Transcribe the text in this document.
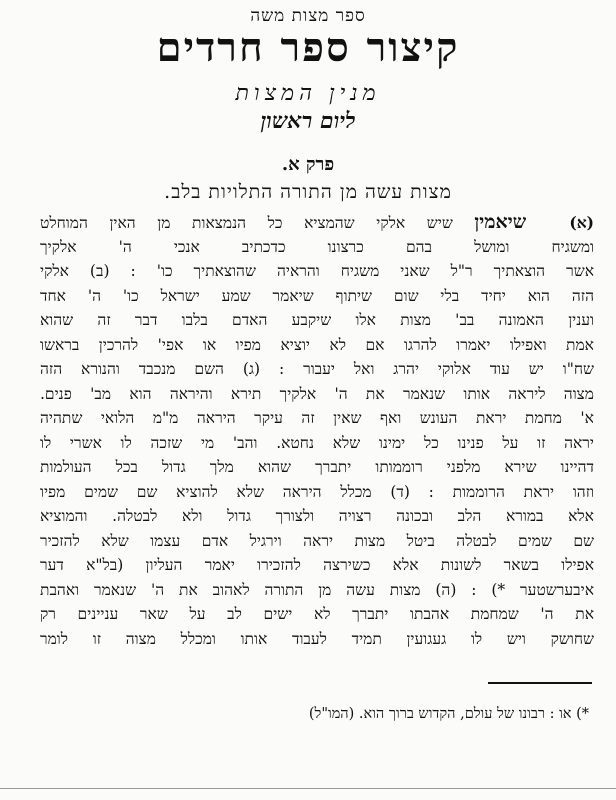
ספר מצות משה
קיצור ספר חרדים
מנין המצות
ליום ראשון
פרק א.
מצות עשה מן התורה התלויות בלב.
(א)  שיאמין שיש אלקי שהמציא כל הנמצאות מן האין המוחלט
ומשגיח ומושל בהם כרצונו כדכתיב אנכי ה' אלקיך
אשר הוצאתיך ר"ל שאני משגיח והראיה שהוצאתיך כו' : (ב) אלקי
הזה הוא יחיד בלי שום שיתוף שיאמר שמע ישראל כו' ה' אחד
וענין האמונה בב' מצות אלו שיקבע האדם בלבו דבר זה שהוא
אמת ואפילו יאמרו להרגו אם לא יוציא מפיו או אפי' להרכין בראשו
שח"ו יש עוד אלוקי יהרג ואל יעבור : (ג) השם מנכבד והנורא הזה
מצוה ליראה אותו שנאמר את ה' אלקיך תירא והיראה הוא מב' פנים.
א' מחמת יראת העונש ואף שאין זה עיקר היראה מ"מ הלואי שתהיה
יראה זו על פנינו כל ימינו שלא נחטא. והב' מי שזכה לו אשרי לו
דהיינו שירא מלפני רוממותו יתברך שהוא מלך גדול בכל העולמות
וזהו יראת הרוממות : (ד) מכלל היראה שלא להוציא שם שמים מפיו
אלא במורא הלב ובכונה רצויה ולצורך גדול ולא לבטלה. והמוציא
שם שמים לבטלה ביטל מצות יראה וירגיל אדם עצמו שלא להזכיר
אפילו בשאר לשונות אלא כשירצה להזכירו יאמר העליון (בל"א דער
איבערשטער *) : (ה) מצות עשה מן התורה לאהוב את ה' שנאמר ואהבת
את ה' שמחמת אהבתו יתברך לא ישים לב על שאר עניינים רק
שחושק ויש לו געגועין תמיד לעבוד אותו ומכלל מצוה זו לומר
*) או : רבונו של עולם, הקדוש ברוך הוא. (המו"ל)
